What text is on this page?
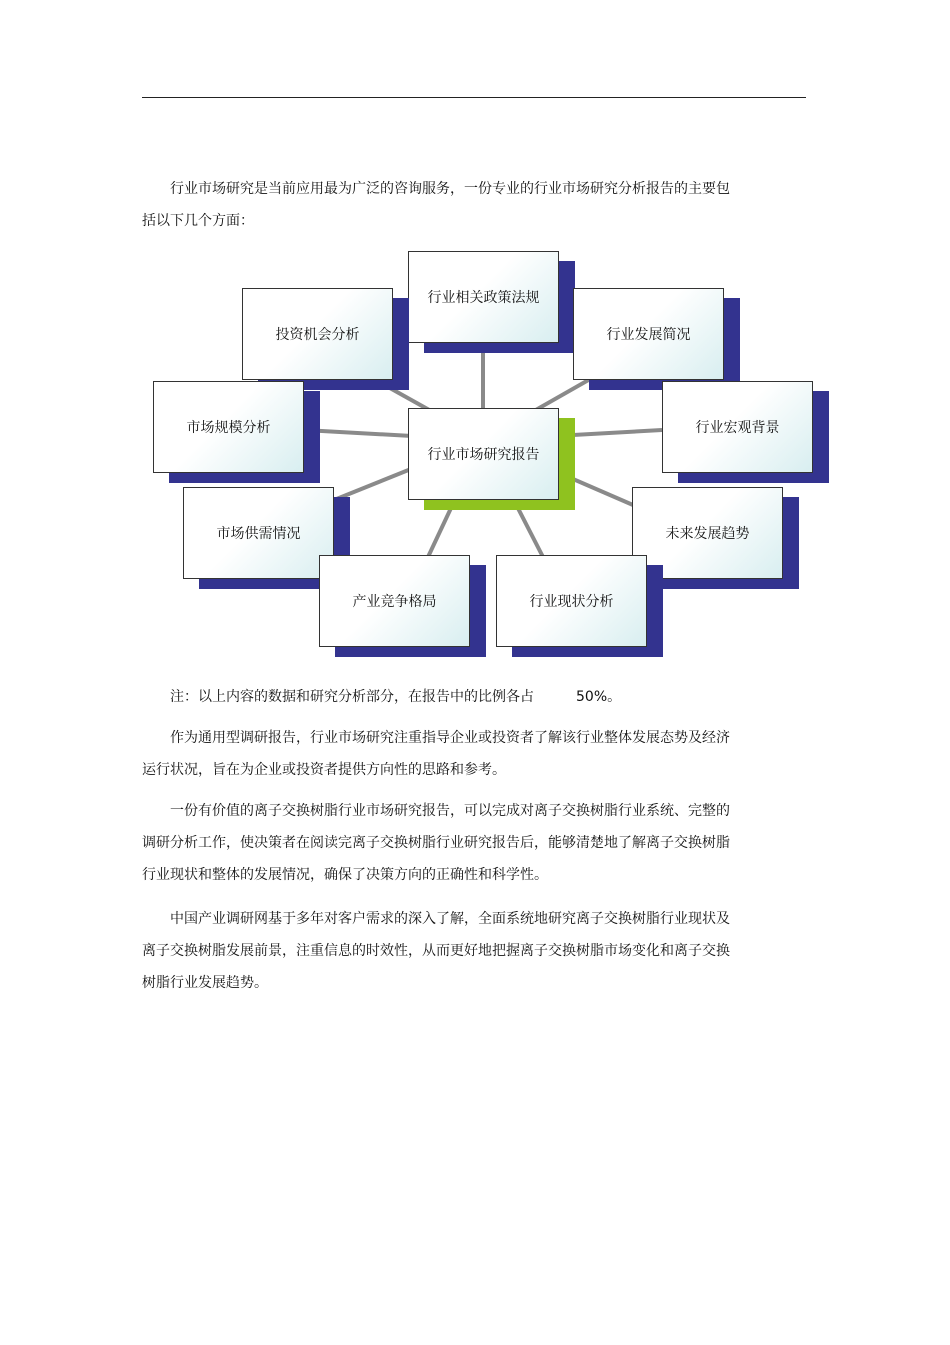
行业市场研究是当前应用最为广泛的咨询服务，一份专业的行业市场研究分析报告的主要包括以下几个方面：

行业相关政策法规
投资机会分析	行业发展简况
市场规模分析	行业宏观背景
行业市场研究报告
市场供需情况	未来发展趋势
产业竞争格局	行业现状分析

注：以上内容的数据和研究分析部分，在报告中的比例各占	50%。

作为通用型调研报告，行业市场研究注重指导企业或投资者了解该行业整体发展态势及经济运行状况，旨在为企业或投资者提供方向性的思路和参考。

一份有价值的离子交换树脂行业市场研究报告，可以完成对离子交换树脂行业系统、完整的调研分析工作，使决策者在阅读完离子交换树脂行业研究报告后，能够清楚地了解离子交换树脂行业现状和整体的发展情况，确保了决策方向的正确性和科学性。

中国产业调研网基于多年对客户需求的深入了解，全面系统地研究离子交换树脂行业现状及离子交换树脂发展前景，注重信息的时效性，从而更好地把握离子交换树脂市场变化和离子交换树脂行业发展趋势。
